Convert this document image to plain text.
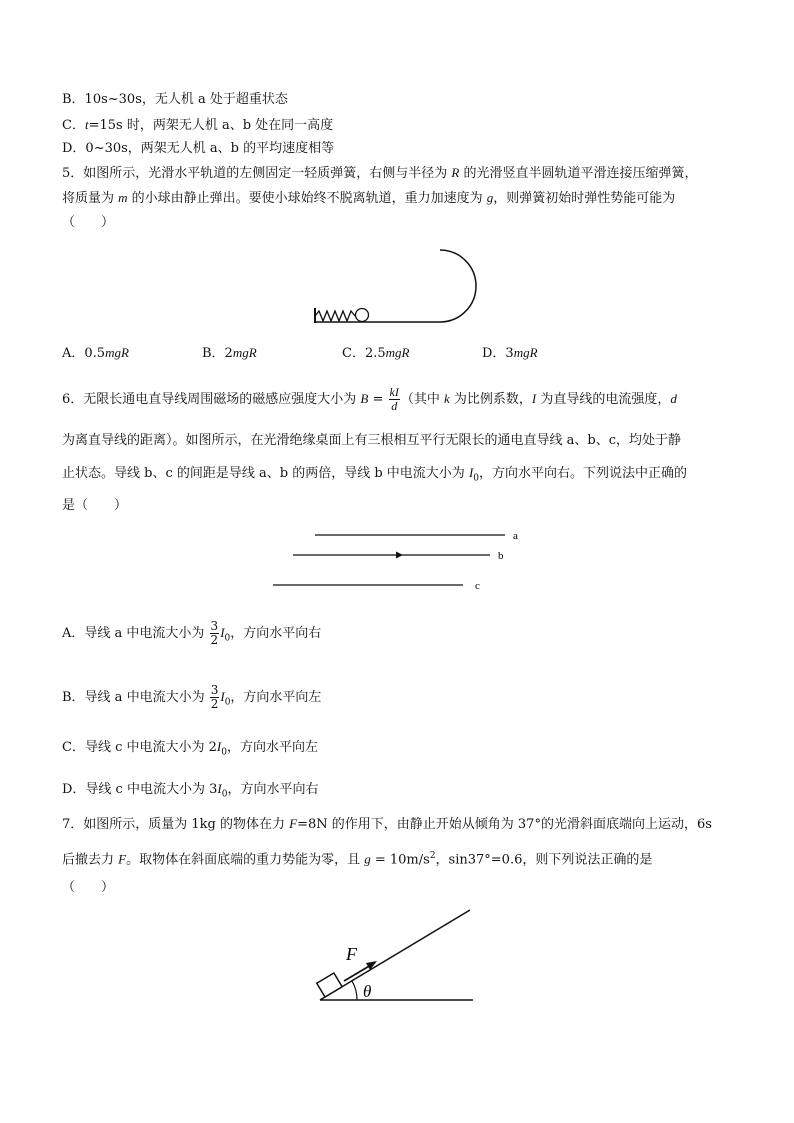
B．10s~30s，无人机 a 处于超重状态
C．t=15s 时，两架无人机 a、b 处在同一高度
D．0~30s，两架无人机 a、b 的平均速度相等
5．如图所示，光滑水平轨道的左侧固定一轻质弹簧，右侧与半径为 R 的光滑竖直半圆轨道平滑连接压缩弹簧，
将质量为 m 的小球由静止弹出。要使小球始终不脱离轨道，重力加速度为 g，则弹簧初始时弹性势能可能为
（　　）
A．0.5mgR	B．2mgR	C．2.5mgR	D．3mgR
6．无限长通电直导线周围磁场的磁感应强度大小为 $B = \frac{kI}{d}$ （其中 k 为比例系数，I 为直导线的电流强度，d
为离直导线的距离）。如图所示，在光滑绝缘桌面上有三根相互平行无限长的通电直导线 a、b、c，均处于静
止状态。导线 b、c 的间距是导线 a、b 的两倍，导线 b 中电流大小为 $I_0$，方向水平向右。下列说法中正确的
是（　　）
a
b
c
A．导线 a 中电流大小为 $\frac{3}{2} I_0$，方向水平向右
B．导线 a 中电流大小为 $\frac{3}{2} I_0$，方向水平向左
C．导线 c 中电流大小为 $2I_0$，方向水平向左
D．导线 c 中电流大小为 $3I_0$，方向水平向右
7．如图所示，质量为 1kg 的物体在力 F=8N 的作用下，由静止开始从倾角为 37°的光滑斜面底端向上运动，6s
后撤去力 F。取物体在斜面底端的重力势能为零，且 $g = 10m/s^2$，sin37°=0.6，则下列说法正确的是
（　　）
F
θ
